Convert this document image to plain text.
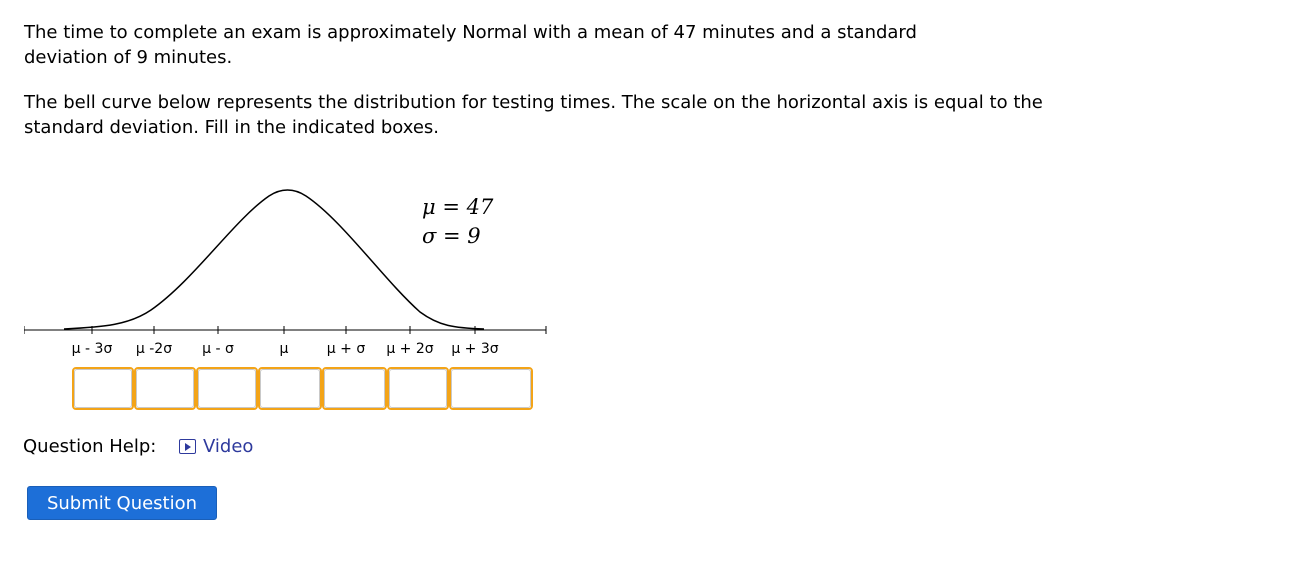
The time to complete an exam is approximately Normal with a mean of 47 minutes and a standard deviation of 9 minutes.

The bell curve below represents the distribution for testing times. The scale on the horizontal axis is equal to the standard deviation. Fill in the indicated boxes.

μ - 3σ μ -2σ μ - σ	μ	μ + σ μ + 2σ μ + 3σ
μ = 47
σ = 9
Question Help:	Video
Submit Question
